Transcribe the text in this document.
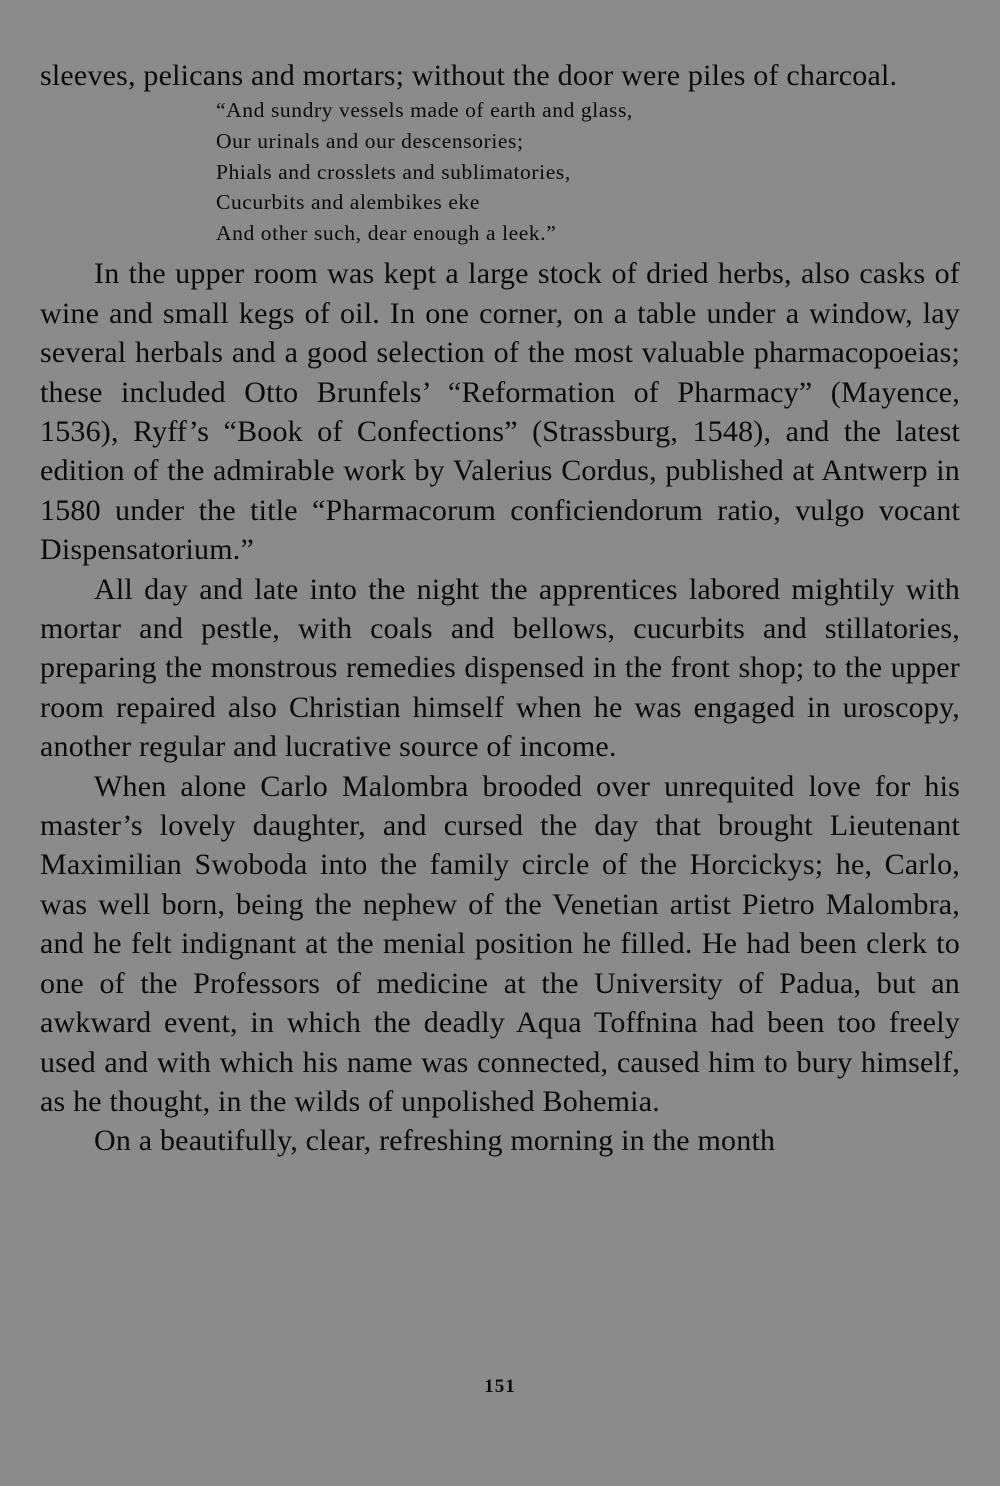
sleeves, pelicans and mortars; without the door were piles of charcoal.

“And sundry vessels made of earth and glass,
Our urinals and our descensories;
Phials and crosslets and sublimatories,
Cucurbits and alembikes eke
And other such, dear enough a leek.”

In the upper room was kept a large stock of dried herbs, also casks of wine and small kegs of oil. In one corner, on a table under a window, lay several herbals and a good selection of the most valuable pharmacopoeias; these included Otto Brunfels’ “Reformation of Pharmacy” (Mayence, 1536), Ryff’s “Book of Confections” (Strassburg, 1548), and the latest edition of the admirable work by Valerius Cordus, published at Antwerp in 1580 under the title “Pharmacorum conficiendorum ratio, vulgo vocant Dispensatorium.”

All day and late into the night the apprentices labored mightily with mortar and pestle, with coals and bellows, cucurbits and stillatories, preparing the monstrous remedies dispensed in the front shop; to the upper room repaired also Christian himself when he was engaged in uroscopy, another regular and lucrative source of income.

When alone Carlo Malombra brooded over unrequited love for his master’s lovely daughter, and cursed the day that brought Lieutenant Maximilian Swoboda into the family circle of the Horcickys; he, Carlo, was well born, being the nephew of the Venetian artist Pietro Malombra, and he felt indignant at the menial position he filled. He had been clerk to one of the Professors of medicine at the University of Padua, but an awkward event, in which the deadly Aqua Toffnina had been too freely used and with which his name was connected, caused him to bury himself, as he thought, in the wilds of unpolished Bohemia.

On a beautifully, clear, refreshing morning in the month

151
